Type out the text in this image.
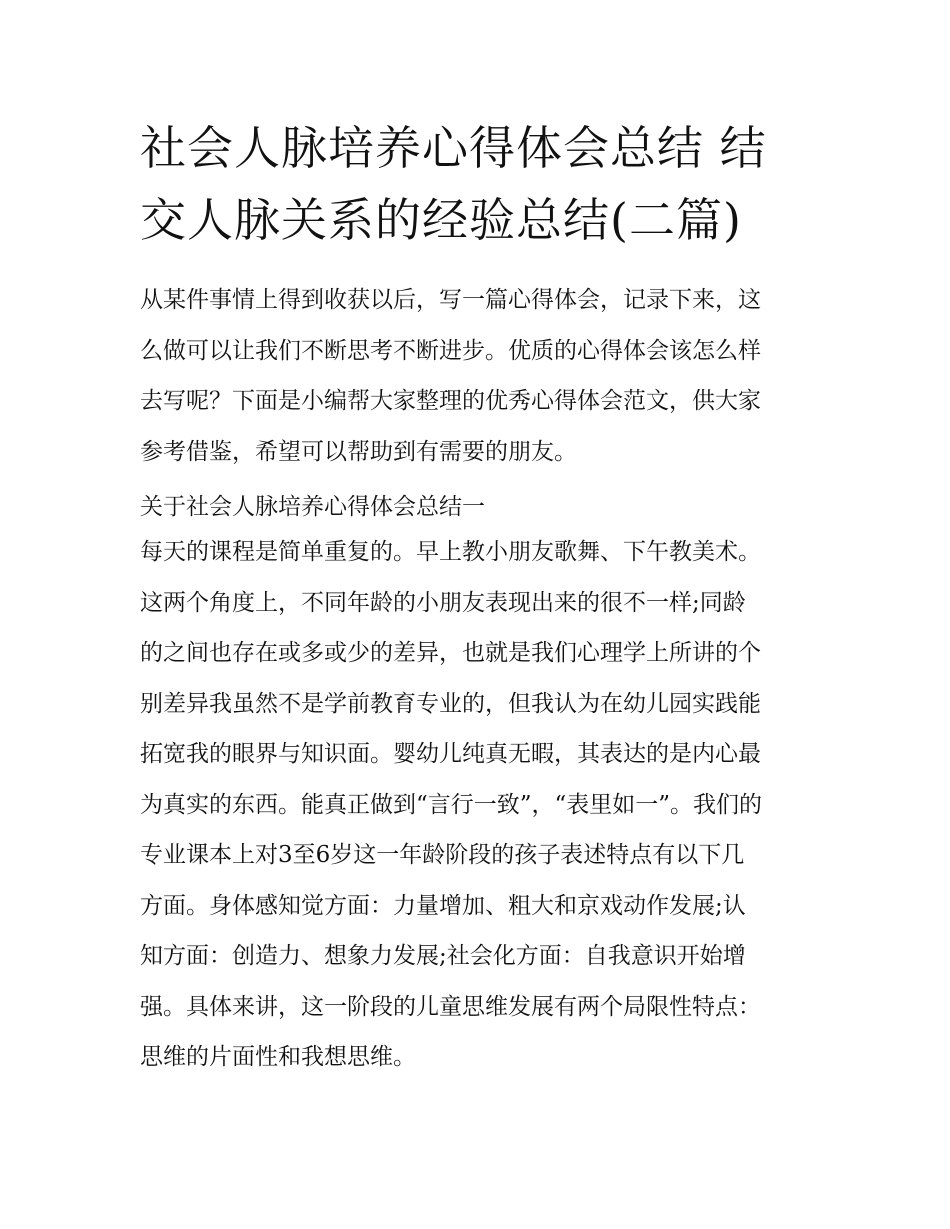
社会人脉培养心得体会总结 结
交人脉关系的经验总结(二篇)
从某件事情上得到收获以后，写一篇心得体会，记录下来，这
么做可以让我们不断思考不断进步。优质的心得体会该怎么样
去写呢？下面是小编帮大家整理的优秀心得体会范文，供大家
参考借鉴，希望可以帮助到有需要的朋友。
关于社会人脉培养心得体会总结一
每天的课程是简单重复的。早上教小朋友歌舞、下午教美术。
这两个角度上，不同年龄的小朋友表现出来的很不一样;同龄
的之间也存在或多或少的差异，也就是我们心理学上所讲的个
别差异我虽然不是学前教育专业的，但我认为在幼儿园实践能
拓宽我的眼界与知识面。婴幼儿纯真无暇，其表达的是内心最
为真实的东西。能真正做到“言行一致”，“表里如一”。我们的
专业课本上对3至6岁这一年龄阶段的孩子表述特点有以下几
方面。身体感知觉方面：力量增加、粗大和京戏动作发展;认
知方面：创造力、想象力发展;社会化方面：自我意识开始增
强。具体来讲，这一阶段的儿童思维发展有两个局限性特点：
思维的片面性和我想思维。
